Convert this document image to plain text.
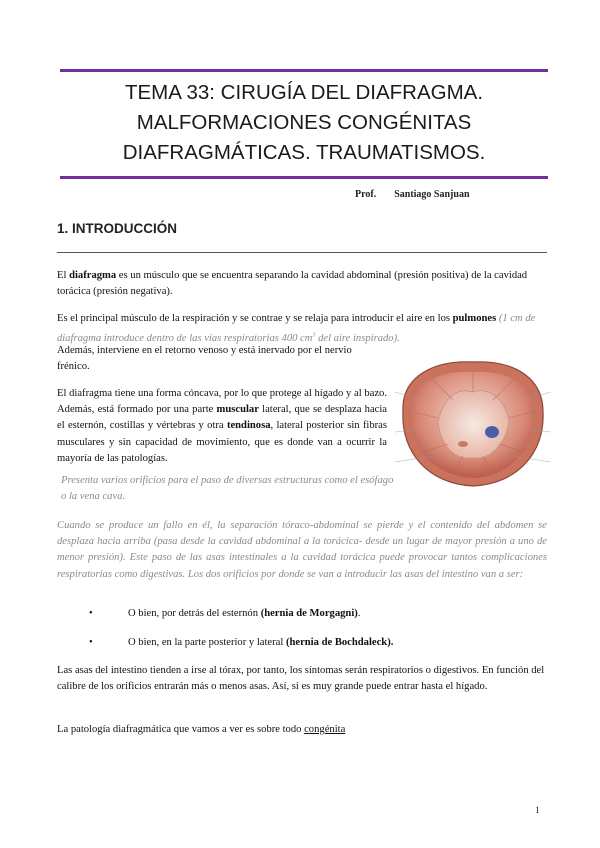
TEMA 33: CIRUGÍA DEL DIAFRAGMA.
MALFORMACIONES CONGÉNITAS
DIAFRAGMÁTICAS. TRAUMATISMOS.
Prof. Santiago Sanjuan
1. INTRODUCCIÓN
El diafragma es un músculo que se encuentra separando la cavidad abdominal (presión positiva) de la cavidad torácica (presión negativa).
Es el principal músculo de la respiración y se contrae y se relaja para introducir el aire en los pulmones (1 cm de diafragma introduce dentro de las vías respiratorias 400 $cm^3$ del aire inspirado).
Además, interviene en el retorno venoso y está inervado por el nervio frénico.
El diafragma tiene una forma cóncava, por lo que protege al hígado y al bazo. Además, está formado por una parte muscular lateral, que se desplaza hacia el esternón, costillas y vértebras y otra tendinosa, lateral posterior sin fibras musculares y sin capacidad de movimiento, que es donde van a ocurrir la mayoría de las patologías.
Presenta varios orificios para el paso de diversas estructuras como el esófago o la vena cava.
Cuando se produce un fallo en él, la separación tóraco-abdominal se pierde y el contenido del abdomen se desplaza hacia arriba (pasa desde la cavidad abdominal a la torácica- desde un lugar de mayor presión a uno de menor presión). Este paso de las asas intestinales a la cavidad torácica puede provocar tantos complicaciones respiratorias como digestivas. Los dos orificios por donde se van a introducir las asas del intestino van a ser:
•	O bien, por detrás del esternón (hernia de Morgagni).
•	O bien, en la parte posterior y lateral (hernia de Bochdaleck).
Las asas del intestino tienden a irse al tórax, por tanto, los síntomas serán respiratorios o digestivos. En función del calibre de los orificios entrarán más o menos asas. Así, si es muy grande puede entrar hasta el hígado.
La patología diafragmática que vamos a ver es sobre todo congénita
1
